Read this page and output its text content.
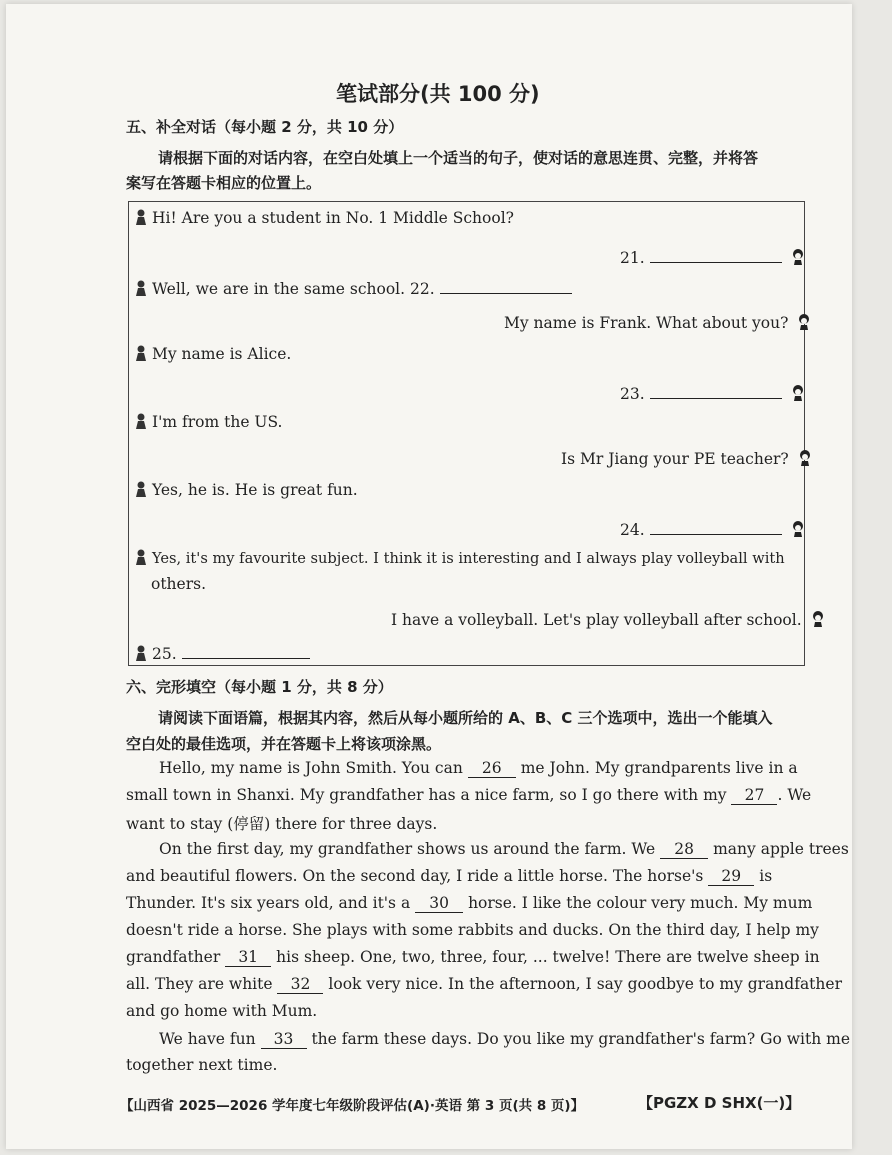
笔试部分(共 100 分)
五、补全对话（每小题 2 分，共 10 分）
请根据下面的对话内容，在空白处填上一个适当的句子，使对话的意思连贯、完整，并将答
案写在答题卡相应的位置上。
Hi! Are you a student in No. 1 Middle School?
21.
Well, we are in the same school. 22.
My name is Frank. What about you?
My name is Alice.
23.
I'm from the US.
Is Mr Jiang your PE teacher?
Yes, he is. He is great fun.
24.
Yes, it's my favourite subject. I think it is interesting and I always play volleyball with
others.
I have a volleyball. Let's play volleyball after school.
25.
六、完形填空（每小题 1 分，共 8 分）
请阅读下面语篇，根据其内容，然后从每小题所给的 A、B、C 三个选项中，选出一个能填入
空白处的最佳选项，并在答题卡上将该项涂黑。
Hello, my name is John Smith. You can 26 me John. My grandparents live in a
small town in Shanxi. My grandfather has a nice farm, so I go there with my 27 . We
want to stay (停留) there for three days.
On the first day, my grandfather shows us around the farm. We 28 many apple trees
and beautiful flowers. On the second day, I ride a little horse. The horse's 29 is
Thunder. It's six years old, and it's a 30 horse. I like the colour very much. My mum
doesn't ride a horse. She plays with some rabbits and ducks. On the third day, I help my
grandfather 31 his sheep. One, two, three, four, ... twelve! There are twelve sheep in
all. They are white 32 look very nice. In the afternoon, I say goodbye to my grandfather
and go home with Mum.
We have fun 33 the farm these days. Do you like my grandfather's farm? Go with me
together next time.
【山西省 2025—2026 学年度七年级阶段评估(A)·英语 第 3 页(共 8 页)】	【PGZX D SHX(一)】
